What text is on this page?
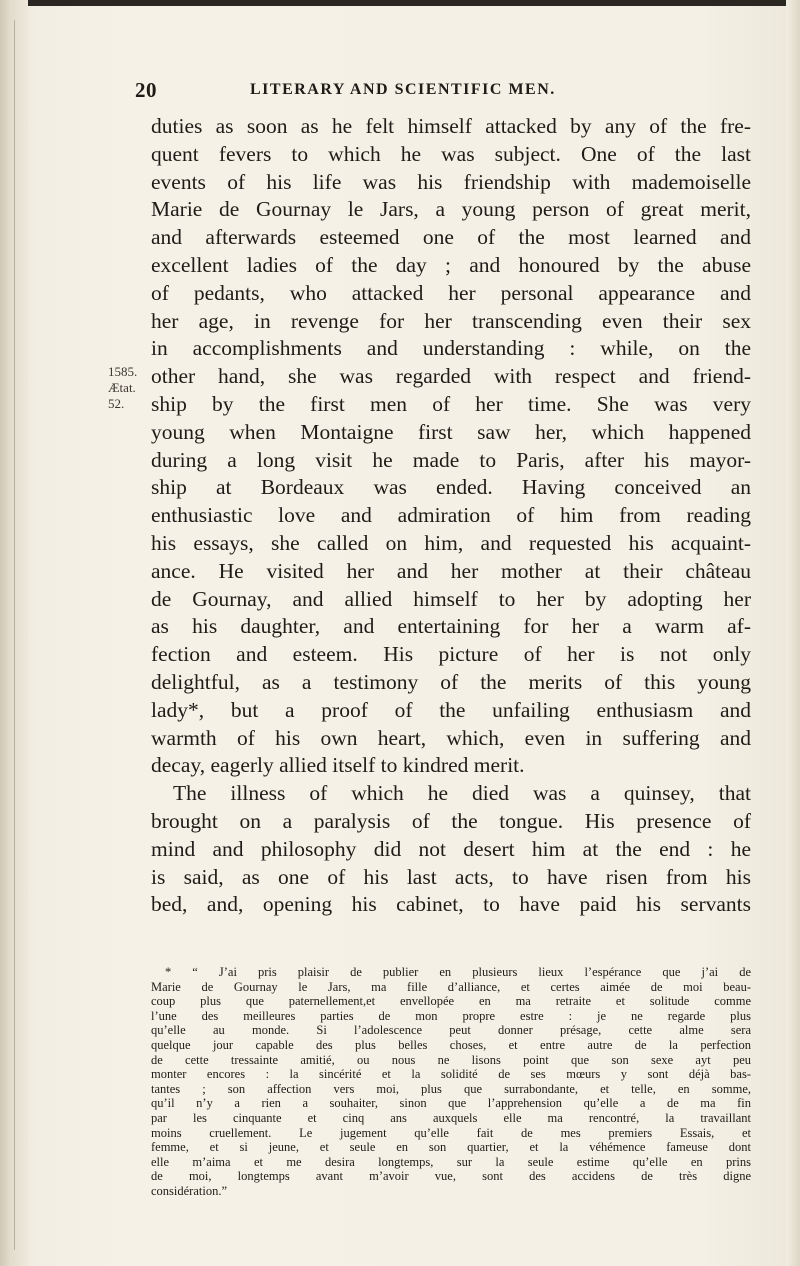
20	LITERARY AND SCIENTIFIC MEN.
1585.
Ætat.
52.
duties as soon as he felt himself attacked by any of the fre-
quent fevers to which he was subject. One of the last
events of his life was his friendship with mademoiselle
Marie de Gournay le Jars, a young person of great merit,
and afterwards esteemed one of the most learned and
excellent ladies of the day ; and honoured by the abuse
of pedants, who attacked her personal appearance and
her age, in revenge for her transcending even their sex
in accomplishments and understanding : while, on the
other hand, she was regarded with respect and friend-
ship by the first men of her time. She was very
young when Montaigne first saw her, which happened
during a long visit he made to Paris, after his mayor-
ship at Bordeaux was ended. Having conceived an
enthusiastic love and admiration of him from reading
his essays, she called on him, and requested his acquaint-
ance. He visited her and her mother at their château
de Gournay, and allied himself to her by adopting her
as his daughter, and entertaining for her a warm af-
fection and esteem. His picture of her is not only
delightful, as a testimony of the merits of this young
lady*, but a proof of the unfailing enthusiasm and
warmth of his own heart, which, even in suffering and
decay, eagerly allied itself to kindred merit.
The illness of which he died was a quinsey, that
brought on a paralysis of the tongue. His presence of
mind and philosophy did not desert him at the end : he
is said, as one of his last acts, to have risen from his
bed, and, opening his cabinet, to have paid his servants
* “ J’ai pris plaisir de publier en plusieurs lieux l’espérance que j’ai de
Marie de Gournay le Jars, ma fille d’alliance, et certes aimée de moi beau-
coup plus que paternellement,et envellopée en ma retraite et solitude comme
l’une des meilleures parties de mon propre estre : je ne regarde plus
qu’elle au monde. Si l’adolescence peut donner présage, cette alme sera
quelque jour capable des plus belles choses, et entre autre de la perfection
de cette tressainte amitié, ou nous ne lisons point que son sexe ayt peu
monter encores : la sincérité et la solidité de ses mœurs y sont déjà bas-
tantes ; son affection vers moi, plus que surrabondante, et telle, en somme,
qu’il n’y a rien a souhaiter, sinon que l’apprehension qu’elle a de ma fin
par les cinquante et cinq ans auxquels elle ma rencontré, la travaillant
moins cruellement. Le jugement qu’elle fait de mes premiers Essais, et
femme, et si jeune, et seule en son quartier, et la véhémence fameuse dont
elle m’aima et me desira longtemps, sur la seule estime qu’elle en prins
de moi, longtemps avant m’avoir vue, sont des accidens de très digne
considération.”
